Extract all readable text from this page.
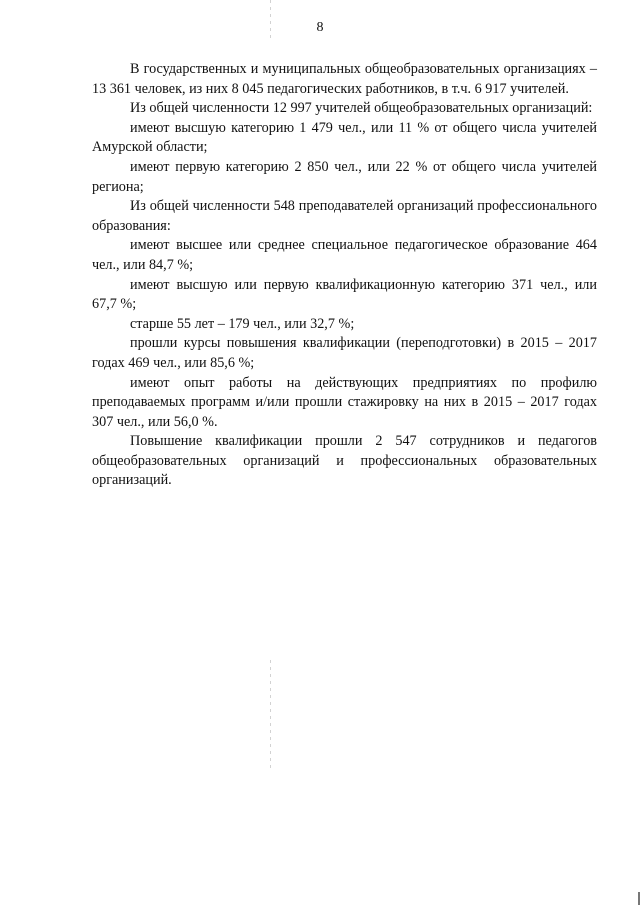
8

В государственных и муниципальных общеобразовательных организациях – 13 361 человек, из них 8 045 педагогических работников, в т.ч. 6 917 учителей.

Из общей численности 12 997 учителей общеобразовательных организаций:

имеют высшую категорию 1 479 чел., или 11 % от общего числа учителей Амурской области;

имеют первую категорию 2 850 чел., или 22 % от общего числа учителей региона;

Из общей численности 548 преподавателей организаций профессионального образования:

имеют высшее или среднее специальное педагогическое образование 464 чел., или 84,7 %;

имеют высшую или первую квалификационную категорию 371 чел., или 67,7 %;

старше 55 лет – 179 чел., или 32,7 %;

прошли курсы повышения квалификации (переподготовки) в 2015 – 2017 годах 469 чел., или 85,6 %;

имеют опыт работы на действующих предприятиях по профилю преподаваемых программ и/или прошли стажировку на них в 2015 – 2017 годах 307 чел., или 56,0 %.

Повышение квалификации прошли 2 547 сотрудников и педагогов общеобразовательных организаций и профессиональных образовательных организаций.
